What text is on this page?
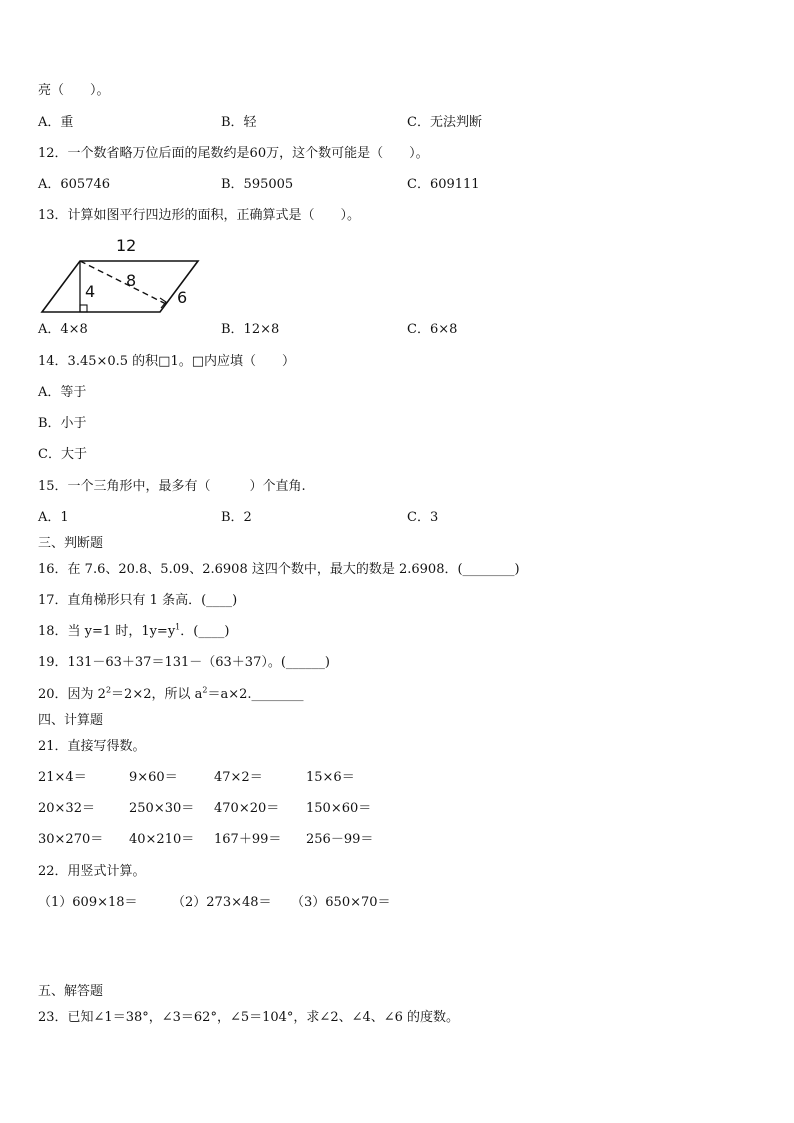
亮（　　）。
A．重	B．轻	C．无法判断
12．一个数省略万位后面的尾数约是60万，这个数可能是（　　）。
A．605746	B．595005	C．609111
13．计算如图平行四边形的面积，正确算式是（　　）。
12
8
4	6
A．4×8	B．12×8	C．6×8
14．3.45×0.5 的积□1。□内应填（　　）
A．等于
B．小于
C．大于
15．一个三角形中，最多有（　　　）个直角.
A．1	B．2	C．3
三、判断题
16．在 7.6、20.8、5.09、2.6908 这四个数中，最大的数是 2.6908．(________)
17．直角梯形只有 1 条高．(____)
18．当 y=1 时，$1y=y^1$．(____)
19．131－63＋37＝131－（63＋37）。(______)
20．因为 $2^2=2\times 2$，所以 $a^2=a\times 2.\_\_\_\_\_\_\_\_$
四、计算题
21．直接写得数。
21×4＝	9×60＝	47×2＝	15×6＝
20×32＝	250×30＝ 470×20＝ 150×60＝
30×270＝ 40×210＝ 167＋99＝ 256－99＝
22．用竖式计算。
（1）609×18＝	（2）273×48＝ （3）650×70＝
五、解答题
23．已知∠1＝38°，∠3＝62°，∠5＝104°，求∠2、∠4、∠6 的度数。
